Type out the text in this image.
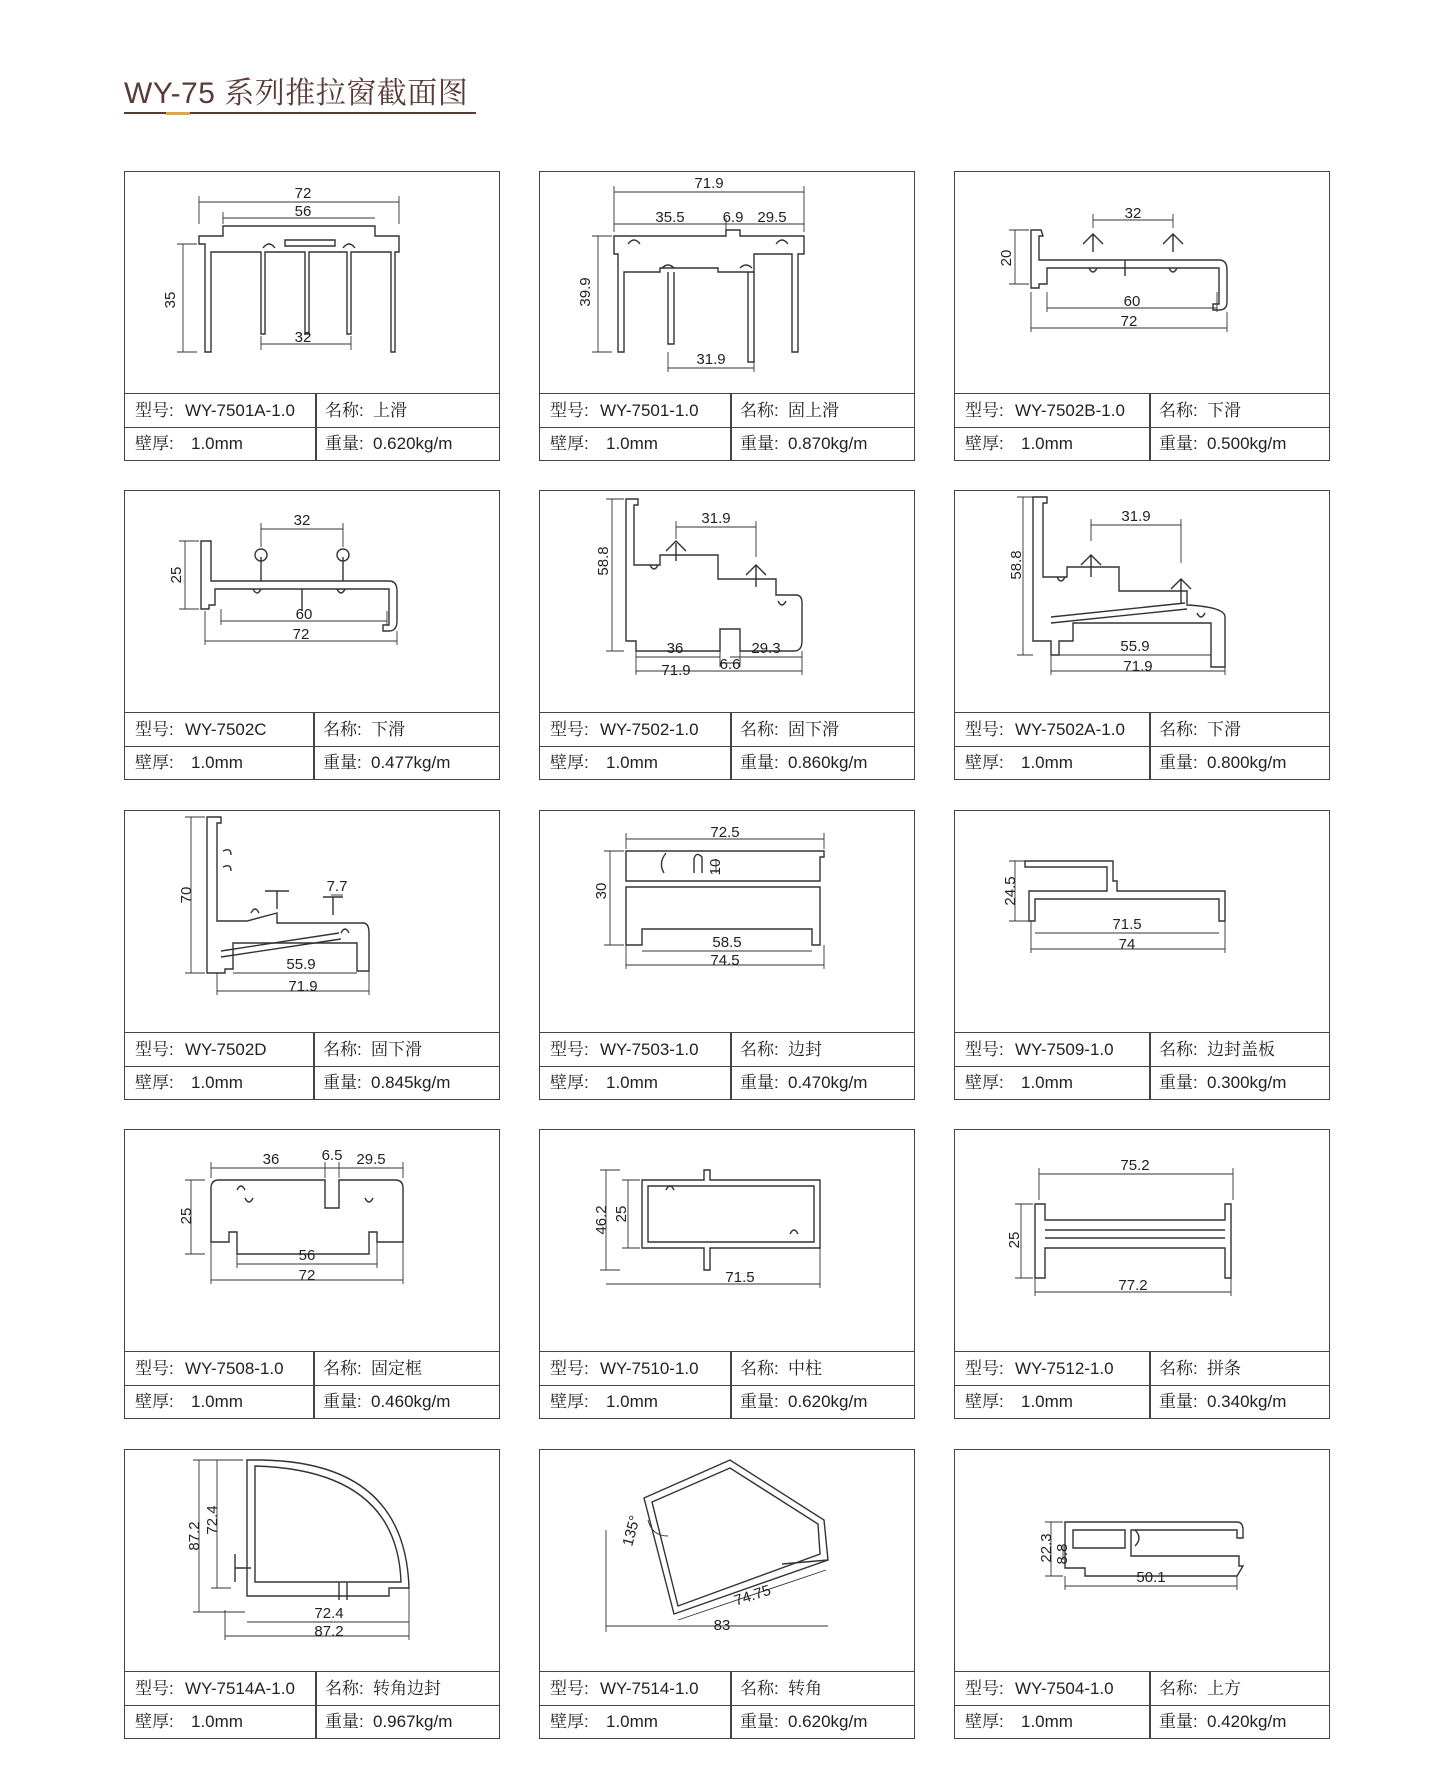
WY-75 系列推拉窗截面图
72
56
35
32
型号: WY-7501A-1.0 名称: 上滑
壁厚: 1.0mm	重量: 0.620kg/m
71.9
35.5	6.9 29.5
39.9
31.9
型号: WY-7501-1.0 名称: 固上滑
壁厚: 1.0mm	重量: 0.870kg/m
32
20
60
72
型号: WY-7502B-1.0 名称: 下滑
壁厚: 1.0mm	重量: 0.500kg/m
32
25
60
72
型号: WY-7502C	名称: 下滑
壁厚: 1.0mm	重量: 0.477kg/m
31.9
58.8
36	29.3
71.9 6.6
型号: WY-7502-1.0 名称: 固下滑
壁厚: 1.0mm	重量: 0.860kg/m
31.9
58.8
55.9
71.9
型号: WY-7502A-1.0 名称: 下滑
壁厚: 1.0mm	重量: 0.800kg/m
70	7.7
55.9
71.9
型号: WY-7502D	名称: 固下滑
壁厚: 1.0mm	重量: 0.845kg/m
72.5
10
30
58.5
74.5
型号: WY-7503-1.0 名称: 边封
壁厚: 1.0mm	重量: 0.470kg/m
24.5
71.5
74
型号: WY-7509-1.0	名称: 边封盖板
壁厚: 1.0mm	重量: 0.300kg/m
36	6.5 29.5
25
56
72
型号: WY-7508-1.0 名称: 固定框
壁厚: 1.0mm	重量: 0.460kg/m
46.2 25
71.5
型号: WY-7510-1.0 名称: 中柱
壁厚: 1.0mm	重量: 0.620kg/m
75.2
25
77.2
型号: WY-7512-1.0	名称: 拼条
壁厚: 1.0mm	重量: 0.340kg/m
87.2
72.4
72.4
87.2
型号: WY-7514A-1.0 名称: 转角边封
壁厚: 1.0mm	重量: 0.967kg/m
135°
74.75
83
型号: WY-7514-1.0 名称: 转角
壁厚: 1.0mm	重量: 0.620kg/m
22.3 8.8
50.1
型号: WY-7504-1.0	名称: 上方
壁厚: 1.0mm	重量: 0.420kg/m
